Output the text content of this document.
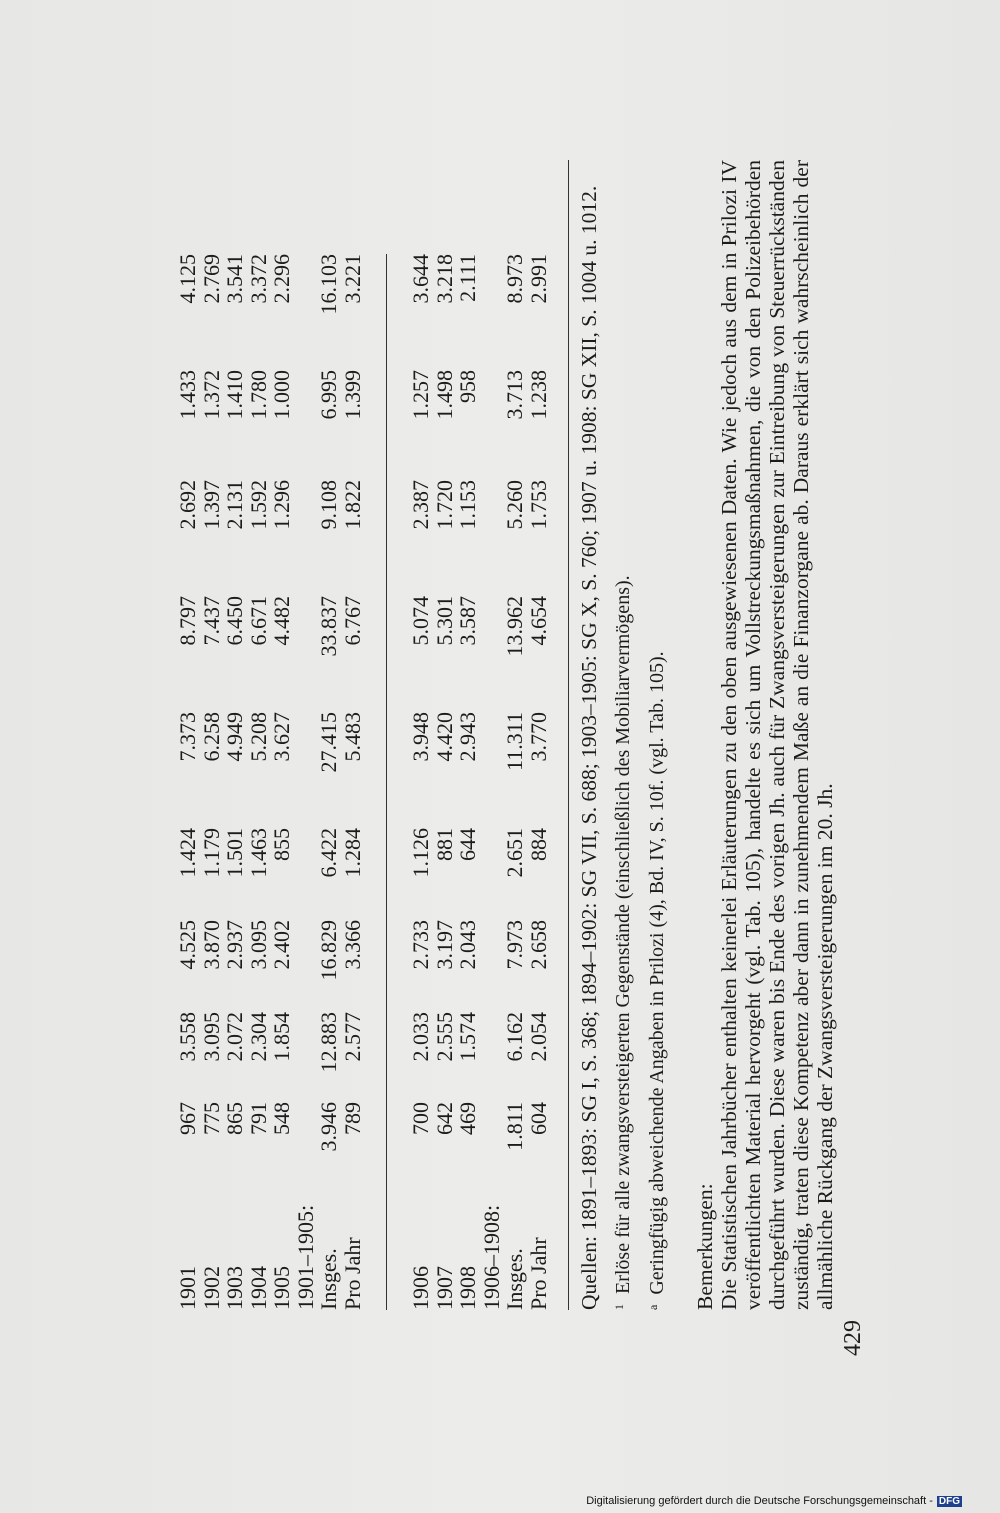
1901	967	3.558	4.525	1.424	7.373	8.797	2.692	1.433	4.125
1902	775	3.095	3.870	1.179	6.258	7.437	1.397	1.372	2.769
1903	865	2.072	2.937	1.501	4.949	6.450	2.131	1.410	3.541
1904	791	2.304	3.095	1.463	5.208	6.671	1.592	1.780	3.372
1905	548	1.854	2.402	855	3.627	4.482	1.296	1.000	2.296
1901–1905:									
Insges.	3.946	12.883	16.829	6.422	27.415	33.837	9.108	6.995	16.103
Pro Jahr	789	2.577	3.366	1.284	5.483	6.767	1.822	1.399	3.221

1906	700	2.033	2.733	1.126	3.948	5.074	2.387	1.257	3.644
1907	642	2.555	3.197	881	4.420	5.301	1.720	1.498	3.218
1908	469	1.574	2.043	644	2.943	3.587	1.153	958	2.111
1906–1908:									
Insges.	1.811	6.162	7.973	2.651	11.311	13.962	5.260	3.713	8.973
Pro Jahr	604	2.054	2.658	884	3.770	4.654	1.753	1.238	2.991 Quellen: 1891–1893: SG I, S. 368; 1894–1902: SG VII, S. 688; 1903–1905: SG X, S. 760; 1907 u. 1908: SG XII, S. 1004 u. 1012. $^1$Erlöse für alle zwangsversteigerten Gegenstände (einschließlich des Mobiliarvermögens).

$^a$Geringfügig abweichende Angaben in Prilozi (4), Bd. IV, S. 10f. (vgl. Tab. 105). Bemerkungen: Die Statistischen Jahrbücher enthalten keinerlei Erläuterungen zu den oben ausgewiesenen Daten. Wie jedoch aus dem in Prilozi IV veröffentlichten Material hervorgeht (vgl. Tab. 105), handelte es sich um Vollstreckungsmaßnahmen, die von den Polizeibehörden durchgeführt wurden. Diese waren bis Ende des vorigen Jh. auch für Zwangsversteigerungen zur Eintreibung von Steuerrückständen zuständig, traten diese Kompetenz aber dann in zunehmendem Maße an die Finanzorgane ab. Daraus erklärt sich wahrscheinlich der allmähliche Rückgang der Zwangsversteigerungen im 20. Jh.

429
Digitalisierung gefördert durch die Deutsche Forschungsgemeinschaft - DFG
